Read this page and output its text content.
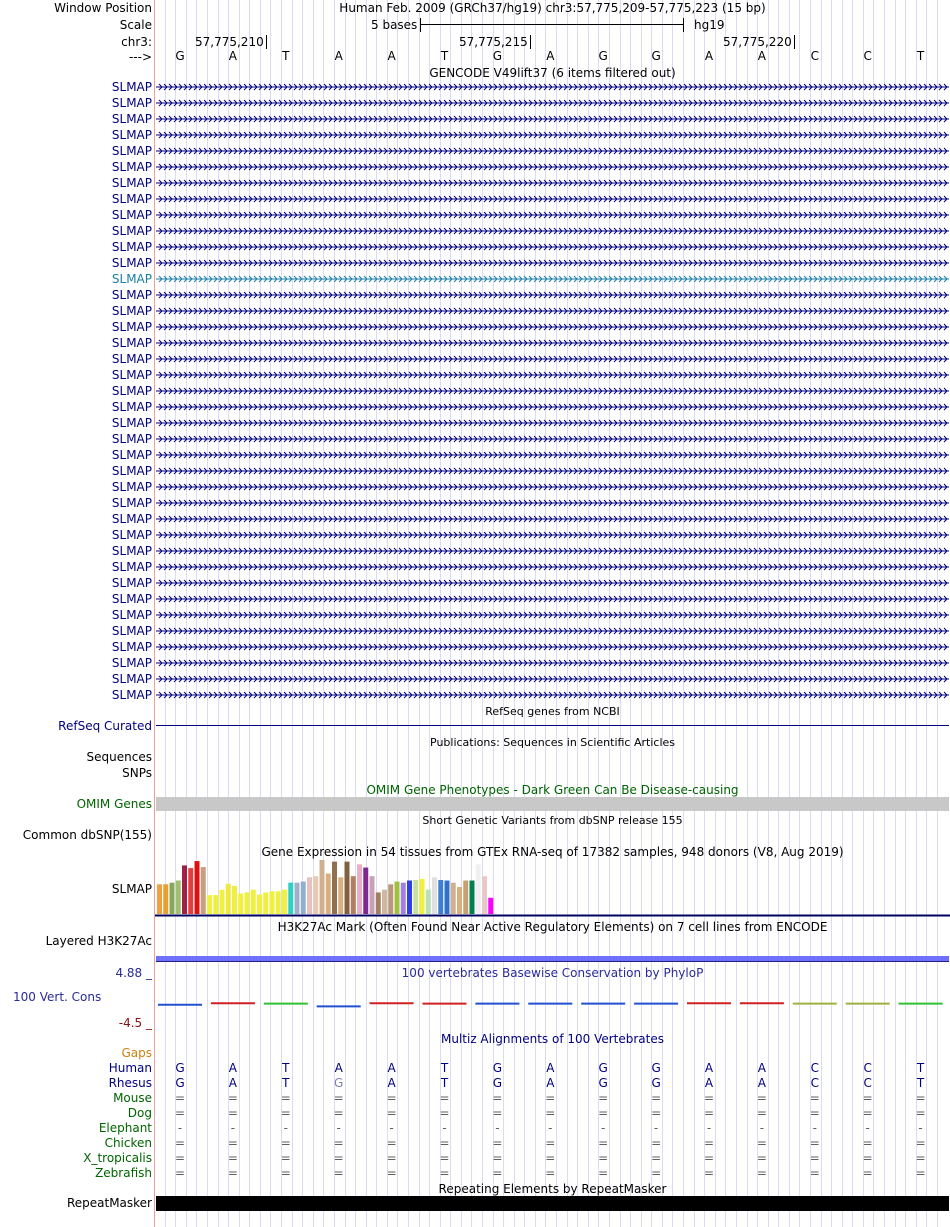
Window Position	Human Feb. 2009 (GRCh37/hg19) chr3:57,775,209-57,775,223 (15 bp)
Scale	5 bases	hg19
chr3:	57,775,210	57,775,215	57,775,220
---> G	A	T	A	A	T	G	A	G	G	A	A	C	C	T
GENCODE V49lift37 (6 items filtered out)
SLMAP
SLMAP
SLMAP
SLMAP
SLMAP
SLMAP
SLMAP
SLMAP
SLMAP
SLMAP
SLMAP
SLMAP
SLMAP
SLMAP
SLMAP
SLMAP
SLMAP
SLMAP
SLMAP
SLMAP
SLMAP
SLMAP
SLMAP
SLMAP
SLMAP
SLMAP
SLMAP
SLMAP
SLMAP
SLMAP
SLMAP
SLMAP
SLMAP
SLMAP
SLMAP
SLMAP
SLMAP
SLMAP
SLMAP
RefSeq genes from NCBI
RefSeq Curated
Publications: Sequences in Scientific Articles
Sequences
SNPs
OMIM Gene Phenotypes - Dark Green Can Be Disease-causing
OMIM Genes
Short Genetic Variants from dbSNP release 155
Common dbSNP(155)
Gene Expression in 54 tissues from GTEx RNA-seq of 17382 samples, 948 donors (V8, Aug 2019)
SLMAP
H3K27Ac Mark (Often Found Near Active Regulatory Elements) on 7 cell lines from ENCODE
Layered H3K27Ac
100 vertebrates Basewise Conservation by PhyloP
4.88 _
100 Vert. Cons
-4.5 _
Multiz Alignments of 100 Vertebrates
Gaps
Human G	A	T	A	A	T	G	A	G	G	A	A	C	C	T
Rhesus G	A	T	G	A	T	G	A	G	G	A	A	C	C	T
Mouse =	=	=	=	=	=	=	=	=	=	=	=	=	=	=
Dog =	=	=	=	=	=	=	=	=	=	=	=	=	=	=
Elephant	-	-	-	-	-	-	-	-	-	-	-	-	-	-	-
Chicken =	=	=	=	=	=	=	=	=	=	=	=	=	=	=
X_tropicalis =	=	=	=	=	=	=	=	=	=	=	=	=	=	=
Zebrafish =	=	=	=	=	=	=	=	=	=	=	=	=	=	=
Repeating Elements by RepeatMasker
RepeatMasker
